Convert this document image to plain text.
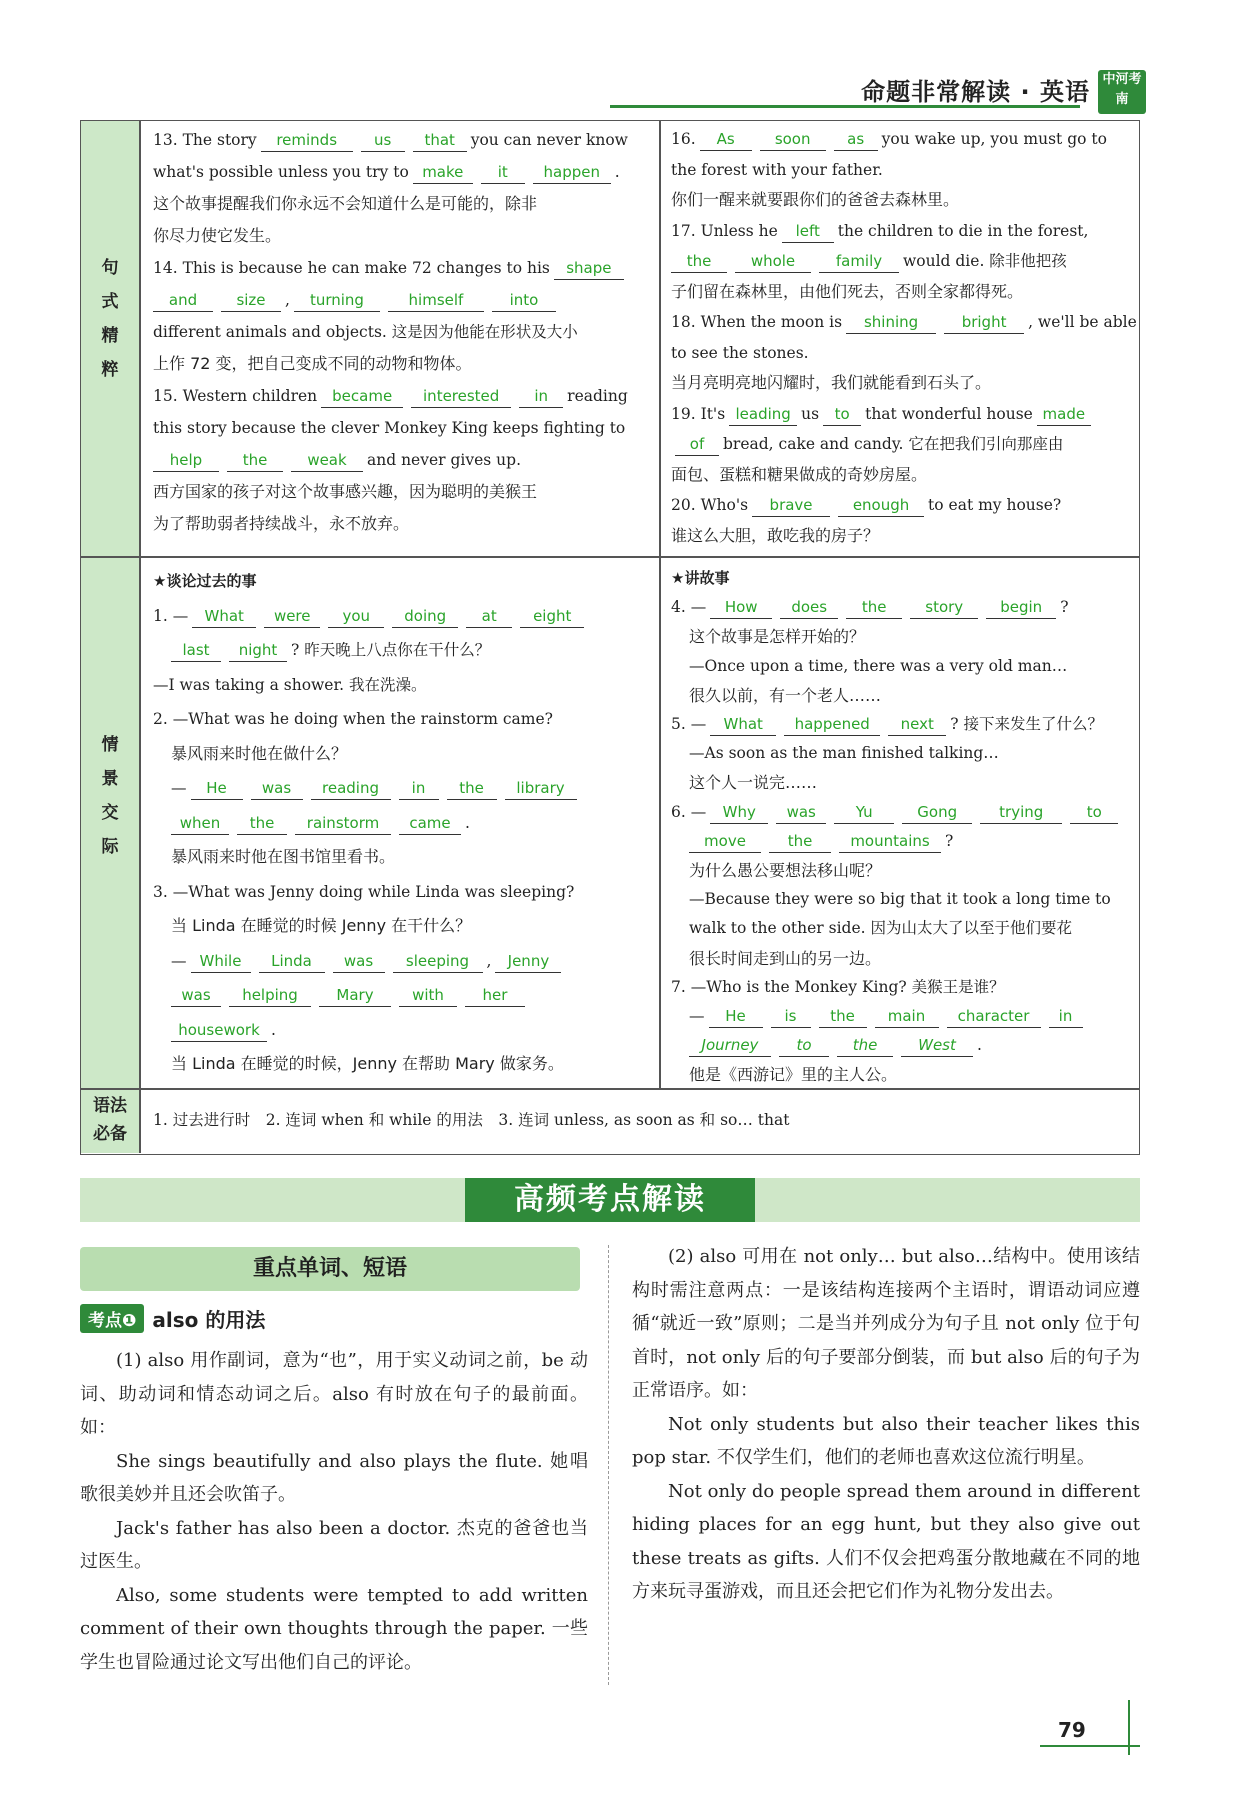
命题非常解读 · 英语 中河考南
句式精粹
情景交际
语法必备
13. The story reminds us that you can never know
what's possible unless you try to make it happen .
这个故事提醒我们你永远不会知道什么是可能的，除非
你尽力使它发生。
14. This is because he can make 72 changes to his shape
and	size , turning	himself	into
different animals and objects. 这是因为他能在形状及大小
上作 72 变，把自己变成不同的动物和物体。
15. Western children became interested in reading
this story because the clever Monkey King keeps fighting to
help	the	weak and never gives up.
西方国家的孩子对这个故事感兴趣，因为聪明的美猴王
为了帮助弱者持续战斗，永不放弃。
16. As	soon as you wake up, you must go to
the forest with your father.
你们一醒来就要跟你们的爸爸去森林里。
17. Unless he left the children to die in the forest,
the	whole	family would die. 除非他把孩
子们留在森林里，由他们死去，否则全家都得死。
18. When the moon is shining	bright , we'll be able
to see the stones.
当月亮明亮地闪耀时，我们就能看到石头了。
19. It's leading us to that wonderful house made
of bread, cake and candy. 它在把我们引向那座由
面包、蛋糕和糖果做成的奇妙房屋。
20. Who's brave	enough to eat my house?
谁这么大胆，敢吃我的房子？
★谈论过去的事
1. — What were you doing at eight
last night ? 昨天晚上八点你在干什么？
—I was taking a shower. 我在洗澡。
2. —What was he doing when the rainstorm came?
暴风雨来时他在做什么？
— He was reading in the library
when the rainstorm came .
暴风雨来时他在图书馆里看书。
3. —What was Jenny doing while Linda was sleeping?
当 Linda 在睡觉的时候 Jenny 在干什么？
— While Linda was sleeping , Jenny
was helping	Mary	with	her
housework .
当 Linda 在睡觉的时候，Jenny 在帮助 Mary 做家务。
★讲故事
4. — How does the	story begin ?
这个故事是怎样开始的？
—Once upon a time, there was a very old man…
很久以前，有一个老人……
5. — What happened next ? 接下来发生了什么？
—As soon as the man finished talking…
这个人一说完……
6. — Why was	Yu	Gong	trying	to
move	the	mountains ?
为什么愚公要想法移山呢？
—Because they were so big that it took a long time to
walk to the other side. 因为山太大了以至于他们要花
很长时间走到山的另一边。
7. —Who is the Monkey King? 美猴王是谁？
— He	is the main character in
Journey	to	the	West .
他是《西游记》里的主人公。
1. 过去进行时　2. 连词 when 和 while 的用法　3. 连词 unless, as soon as 和 so… that
高频考点解读
重点单词、短语
考点❶ also 的用法

(1) also 用作副词，意为“也”，用于实义动词之前，be 动词、助动词和情态动词之后。also 有时放在句子的最前面。如：

She sings beautifully and also plays the flute. 她唱歌很美妙并且还会吹笛子。

Jack's father has also been a doctor. 杰克的爸爸也当过医生。

Also, some students were tempted to add written comment of their own thoughts through the paper. 一些学生也冒险通过论文写出他们自己的评论。

(2) also 可用在 not only… but also…结构中。使用该结构时需注意两点：一是该结构连接两个主语时，谓语动词应遵循“就近一致”原则；二是当并列成分为句子且 not only 位于句首时，not only 后的句子要部分倒装，而 but also 后的句子为正常语序。如：

Not only students but also their teacher likes this pop star. 不仅学生们，他们的老师也喜欢这位流行明星。

Not only do people spread them around in different hiding places for an egg hunt, but they also give out these treats as gifts. 人们不仅会把鸡蛋分散地藏在不同的地方来玩寻蛋游戏，而且还会把它们作为礼物分发出去。

79
